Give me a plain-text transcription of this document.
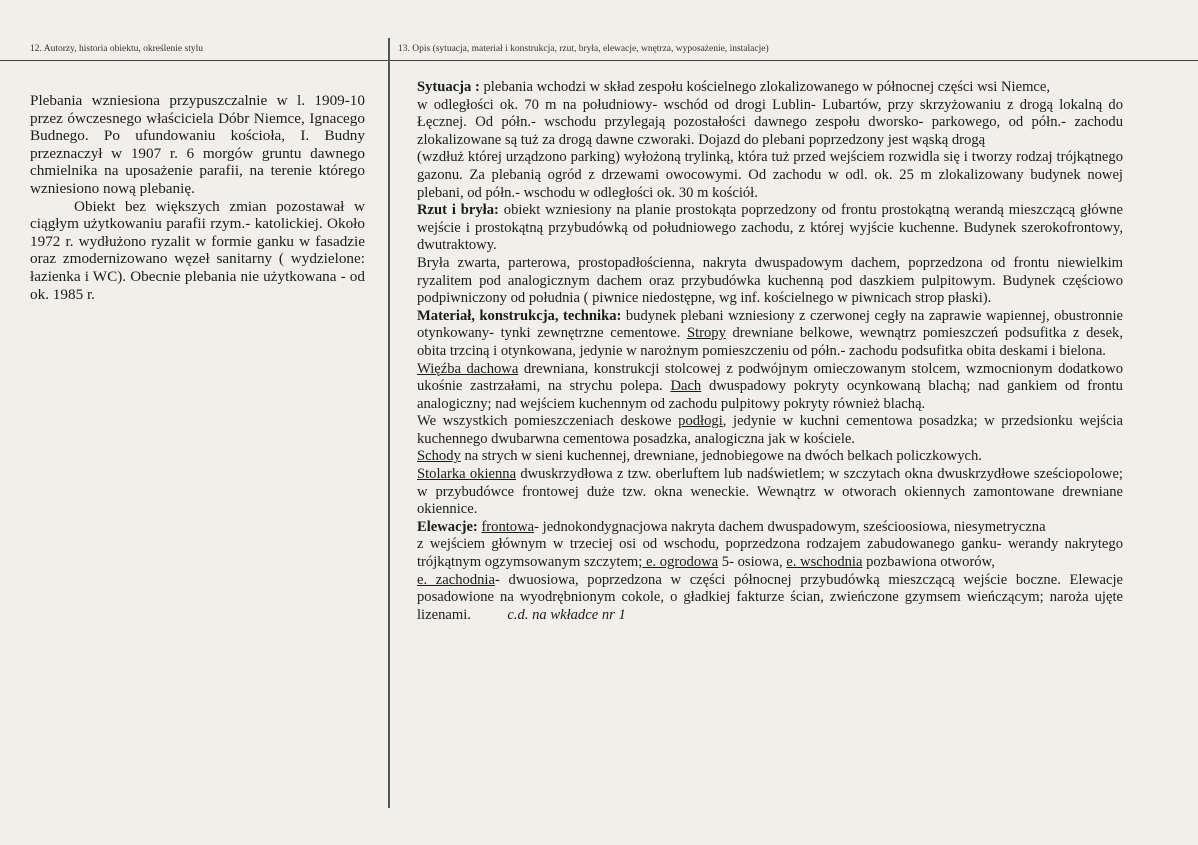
12. Autorzy, historia obiektu, określenie stylu	13. Opis (sytuacja, materiał i konstrukcja, rzut, bryła, elewacje, wnętrza, wyposażenie, instalacje)

Plebania wzniesiona przypuszczalnie w l. 1909-10 przez ówczesnego właściciela Dóbr Niemce, Ignacego Budnego. Po ufundowaniu kościoła, I. Budny przeznaczył w 1907 r. 6 morgów gruntu dawnego chmielnika na uposażenie parafii, na terenie którego wzniesiono nową plebanię.

Obiekt bez większych zmian pozostawał w ciągłym użytkowaniu parafii rzym.- katolickiej. Około 1972 r. wydłużono ryzalit w formie ganku w fasadzie oraz zmodernizowano węzeł sanitarny ( wydzielone: łazienka i WC). Obecnie plebania nie użytkowana - od ok. 1985 r.

Sytuacja : plebania wchodzi w skład zespołu kościelnego zlokalizowanego w północnej części wsi Niemce,

w odległości ok. 70 m na południowy- wschód od drogi Lublin- Lubartów, przy skrzyżowaniu z drogą lokalną do Łęcznej. Od półn.- wschodu przylegają pozostałości dawnego zespołu dworsko- parkowego, od półn.- zachodu zlokalizowane są tuż za drogą dawne czworaki. Dojazd do plebani poprzedzony jest wąską drogą

(wzdłuż której urządzono parking) wyłożoną trylinką, która tuż przed wejściem rozwidla się i tworzy rodzaj trójkątnego gazonu. Za plebanią ogród z drzewami owocowymi. Od zachodu w odl. ok. 25 m zlokalizowany budynek nowej plebani, od półn.- wschodu w odległości ok. 30 m kościół.

Rzut i bryła: obiekt wzniesiony na planie prostokąta poprzedzony od frontu prostokątną werandą mieszczącą główne wejście i prostokątną przybudówką od południowego zachodu, z której wyjście kuchenne. Budynek szerokofrontowy, dwutraktowy.

Bryła zwarta, parterowa, prostopadłościenna, nakryta dwuspadowym dachem, poprzedzona od frontu niewielkim ryzalitem pod analogicznym dachem oraz przybudówka kuchenną pod daszkiem pulpitowym. Budynek częściowo podpiwniczony od południa ( piwnice niedostępne, wg inf. kościelnego w piwnicach strop płaski).

Materiał, konstrukcja, technika: budynek plebani wzniesiony z czerwonej cegły na zaprawie wapiennej, obustronnie otynkowany- tynki zewnętrzne cementowe. Stropy drewniane belkowe, wewnątrz pomieszczeń podsufitka z desek, obita trzciną i otynkowana, jedynie w narożnym pomieszczeniu od półn.- zachodu podsufitka obita deskami i bielona.

Więźba dachowa drewniana, konstrukcji stolcowej z podwójnym omieczowanym stolcem, wzmocnionym dodatkowo ukośnie zastrzałami, na strychu polepa. Dach dwuspadowy pokryty ocynkowaną blachą; nad gankiem od frontu analogiczny; nad wejściem kuchennym od zachodu pulpitowy pokryty również blachą.

We wszystkich pomieszczeniach deskowe podłogi, jedynie w kuchni cementowa posadzka; w przedsionku wejścia kuchennego dwubarwna cementowa posadzka, analogiczna jak w kościele.

Schody na strych w sieni kuchennej, drewniane, jednobiegowe na dwóch belkach policzkowych.

Stolarka okienna dwuskrzydłowa z tzw. oberluftem lub nadświetlem; w szczytach okna dwuskrzydłowe sześciopolowe; w przybudówce frontowej duże tzw. okna weneckie. Wewnątrz w otworach okiennych zamontowane drewniane okiennice.

Elewacje: frontowa- jednokondygnacjowa nakryta dachem dwuspadowym, sześcioosiowa, niesymetryczna

z wejściem głównym w trzeciej osi od wschodu, poprzedzona rodzajem zabudowanego ganku- werandy nakrytego trójkątnym ogzymsowanym szczytem; e. ogrodowa 5- osiowa, e. wschodnia pozbawiona otworów,

e. zachodnia- dwuosiowa, poprzedzona w części północnej przybudówką mieszczącą wejście boczne. Elewacje posadowione na wyodrębnionym cokole, o gładkiej fakturze ścian, zwieńczone gzymsem wieńczącym; naroża ujęte lizenami. c.d. na wkładce nr 1
